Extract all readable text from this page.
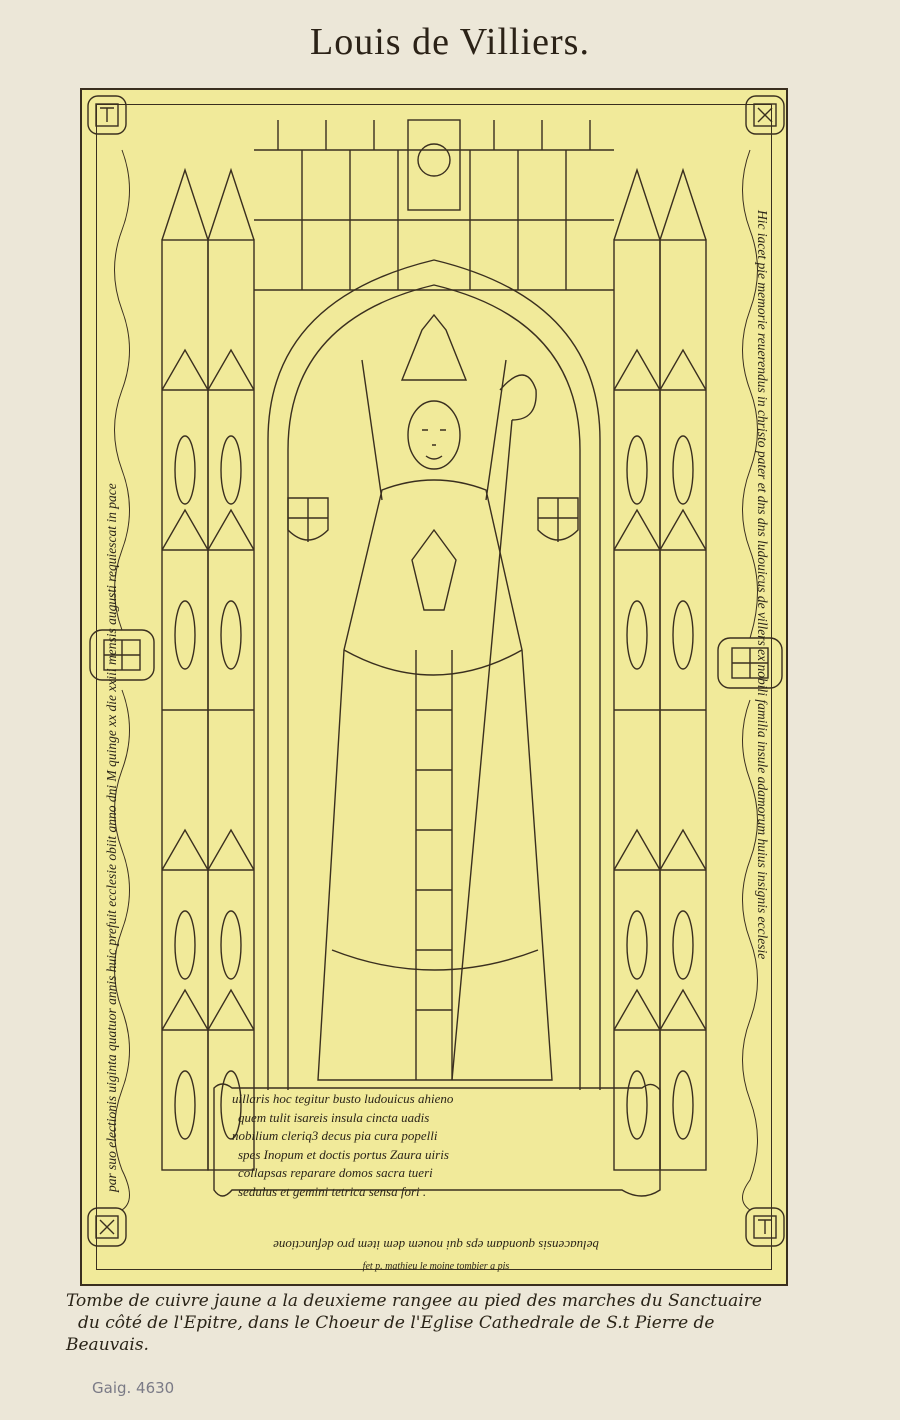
Louis de Villiers.
Hic iacet pie memorie reuerendus in christo pater et dns dns ludouicus de villers ex nobili familia insule adamorum huius insignis ecclesie
par suo electionis uiginta quatuor annis huic prefuit ecclesie obiit anno dni M quinge xx die xxiii mensis augusti requiescat in pace
beluacensis quondam eps qui nouem dem item pro defunctione
uillaris hoc tegitur busto ludouicus ahieno
quem tulit isareis insula cincta uadis
nobilium cleriq3 decus pia cura popelli
spes Inopum et doctis portus Zaura uiris
collapsas reparare domos sacra tueri
sedulus et gemini tetrica sensa fori .
fet p. mathieu le moine tombier a pis
Tombe de cuivre jaune a la deuxieme rangee au pied des marches du Sanctuaire
du côté de l'Epitre, dans le Choeur de l'Eglise Cathedrale de S.t Pierre de
Beauvais.
Gaig. 4630
